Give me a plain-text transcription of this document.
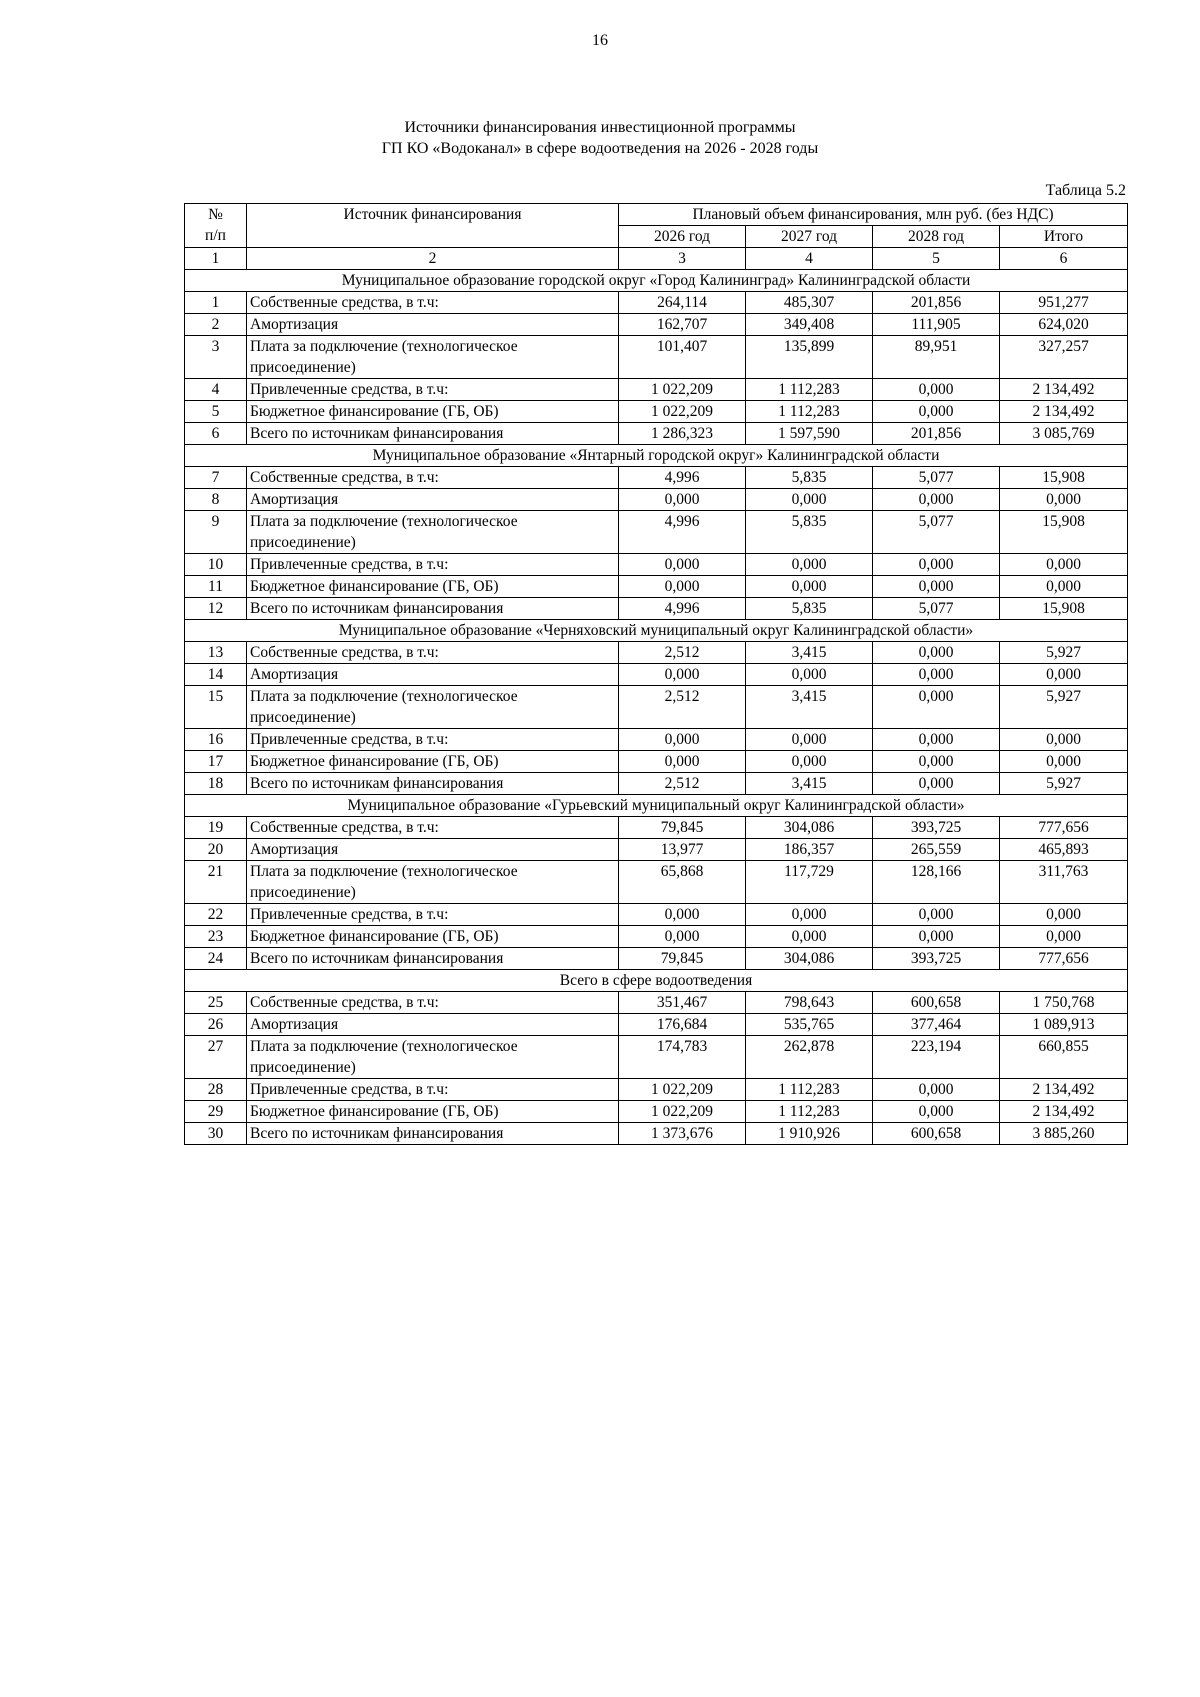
16
Источники финансирования инвестиционной программы
ГП КО «Водоканал» в сфере водоотведения на 2026 - 2028 годы
Таблица 5.2
№
п/п	Источник финансирования	Плановый объем финансирования, млн руб. (без НДС)			
		2026 год	2027 год	2028 год	Итого
1	2	3	4	5	6
Муниципальное образование городской округ «Город Калининград» Калининградской области					
1	Собственные средства, в т.ч:	264,114	485,307	201,856	951,277
2	Амортизация	162,707	349,408	111,905	624,020
3	Плата за подключение (технологическое присоединение)	101,407	135,899	89,951	327,257
4	Привлеченные средства, в т.ч:	1 022,209	1 112,283	0,000	2 134,492
5	Бюджетное финансирование (ГБ, ОБ)	1 022,209	1 112,283	0,000	2 134,492
6	Всего по источникам финансирования	1 286,323	1 597,590	201,856	3 085,769
Муниципальное образование «Янтарный городской округ» Калининградской области					
7	Собственные средства, в т.ч:	4,996	5,835	5,077	15,908
8	Амортизация	0,000	0,000	0,000	0,000
9	Плата за подключение (технологическое присоединение)	4,996	5,835	5,077	15,908
10	Привлеченные средства, в т.ч:	0,000	0,000	0,000	0,000
11	Бюджетное финансирование (ГБ, ОБ)	0,000	0,000	0,000	0,000
12	Всего по источникам финансирования	4,996	5,835	5,077	15,908
Муниципальное образование «Черняховский муниципальный округ Калининградской области»					
13	Собственные средства, в т.ч:	2,512	3,415	0,000	5,927
14	Амортизация	0,000	0,000	0,000	0,000
15	Плата за подключение (технологическое присоединение)	2,512	3,415	0,000	5,927
16	Привлеченные средства, в т.ч:	0,000	0,000	0,000	0,000
17	Бюджетное финансирование (ГБ, ОБ)	0,000	0,000	0,000	0,000
18	Всего по источникам финансирования	2,512	3,415	0,000	5,927
Муниципальное образование «Гурьевский муниципальный округ Калининградской области»					
19	Собственные средства, в т.ч:	79,845	304,086	393,725	777,656
20	Амортизация	13,977	186,357	265,559	465,893
21	Плата за подключение (технологическое присоединение)	65,868	117,729	128,166	311,763
22	Привлеченные средства, в т.ч:	0,000	0,000	0,000	0,000
23	Бюджетное финансирование (ГБ, ОБ)	0,000	0,000	0,000	0,000
24	Всего по источникам финансирования	79,845	304,086	393,725	777,656
Всего в сфере водоотведения					
25	Собственные средства, в т.ч:	351,467	798,643	600,658	1 750,768
26	Амортизация	176,684	535,765	377,464	1 089,913
27	Плата за подключение (технологическое присоединение)	174,783	262,878	223,194	660,855
28	Привлеченные средства, в т.ч:	1 022,209	1 112,283	0,000	2 134,492
29	Бюджетное финансирование (ГБ, ОБ)	1 022,209	1 112,283	0,000	2 134,492
30	Всего по источникам финансирования	1 373,676	1 910,926	600,658	3 885,260
